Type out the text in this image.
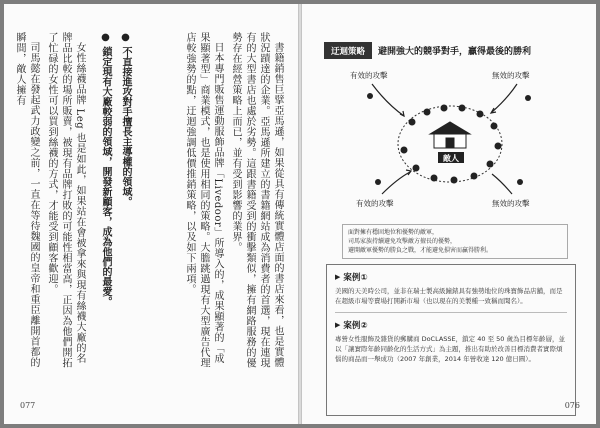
書籍銷售巨擘亞馬遜，如果從具有傳統實體店面的書店來看，也是實體狀況蹟達的企業。亞馬遜所建立的書籍網站成為消費者的首選，現在連現有的大型書店也處於劣勢。這跟書籍受到的衝擊類似，擁有網路服務的優勢存在經營策略上而已，並有受到影響的業界。

日本專門販售運動服飾品牌「Livedoor」所導入的，成果顯著的「成果顯著型」商業模式，也是使用相同的策略。大膽跳過現有大型廣告代理店較強勢的點，迂迴強調低價推銷策略，以及如下兩項。

● 不直接進攻對手擅長主導權的領域。
● 鎖定現有大廠較弱的領域，開發新顧客，成為他們的最愛。

女性絲襪品牌 Leg 也是如此，如果站在會被拿來與現有絲襪大廠的名牌品比較的場所販賣，被現有品牌打敗的可能性相當高，正因為他們開拓了忙碌的女性可以買到絲襪的方式，才能受到顧客歡迎。

司馬懿在發起武力政變之前，一直在等待魏國的皇帝和重臣離開首都的瞬間，敵人擁有

077
迂迴策略	避開強大的競爭對手，贏得最後的勝利
有效的攻擊	無效的攻擊
有效的攻擊	無效的攻擊
敵人
面對擁有穩固地位和優勢的敵軍，
司馬家族持續避免攻擊敵方擅長的優勢，
避開敵軍優勢的勝負之戰，才能避免損害而贏得勝利。
▶ 案例①
美國的天美時公司，並非在瑞士製高級鐘錶具有強勢地位的珠寶飾品店舖，而是在超級市場等賣場打開新市場（也以現在的美製種一致稱而聞名）。
▶ 案例②
專營女性服飾及雜貨的郵購商 DoCLASSE，鎖定 40 至 50 歲為目標年齡層，並以「讓實際年齡同齡化的生活方式」為主題，推出有助於改善目標消費者實際煩惱的商品而一舉成功（2007 年創業，2014 年營收達 120 億日圓）。
076
